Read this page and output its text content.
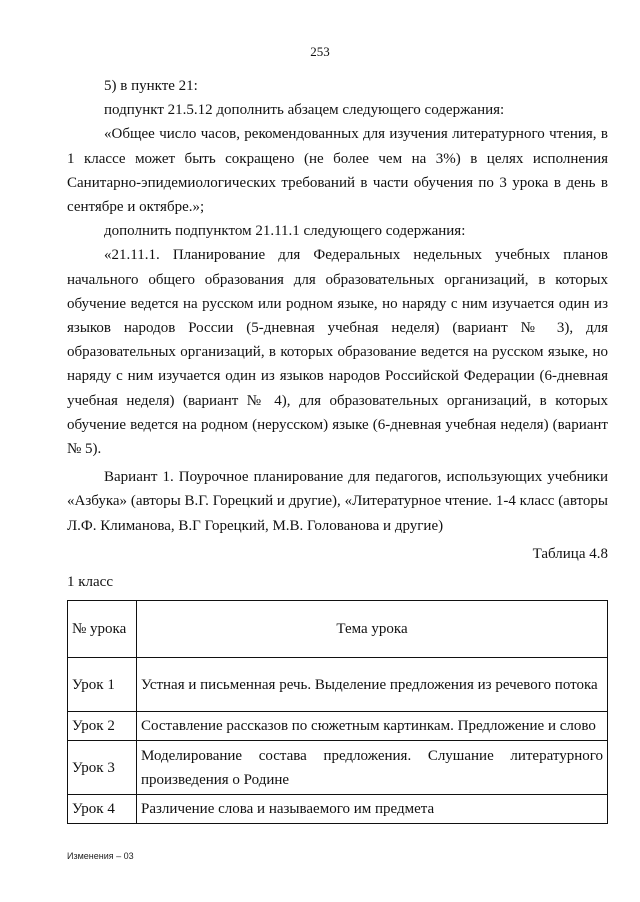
253

5) в пункте 21:

подпункт 21.5.12 дополнить абзацем следующего содержания:

«Общее число часов, рекомендованных для изучения литературного чтения, в 1 классе может быть сокращено (не более чем на 3%) в целях исполнения Санитарно-эпидемиологических требований в части обучения по 3 урока в день в сентябре и октябре.»;

дополнить подпунктом 21.11.1 следующего содержания:

«21.11.1. Планирование для Федеральных недельных учебных планов начального общего образования для образовательных организаций, в которых обучение ведется на русском или родном языке, но наряду с ним изучается один из языков народов России (5-дневная учебная неделя) (вариант № 3), для образовательных организаций, в которых образование ведется на русском языке, но наряду с ним изучается один из языков народов Российской Федерации (6-дневная учебная неделя) (вариант № 4), для образовательных организаций, в которых обучение ведется на родном (нерусском) языке (6-дневная учебная неделя) (вариант № 5).

Вариант 1. Поурочное планирование для педагогов, использующих учебники «Азбука» (авторы В.Г. Горецкий и другие), «Литературное чтение. 1-4 класс (авторы Л.Ф. Климанова, В.Г Горецкий, М.В. Голованова и другие)

Таблица 4.8
1 класс
№ урока	Тема урока
Урок 1	Устная и письменная речь. Выделение предложения из речевого потока
Урок 2	Составление рассказов по сюжетным картинкам. Предложение и слово
Урок 3	Моделирование состава предложения. Слушание литературного произведения о Родине
Урок 4	Различение слова и называемого им предмета
Изменения – 03
